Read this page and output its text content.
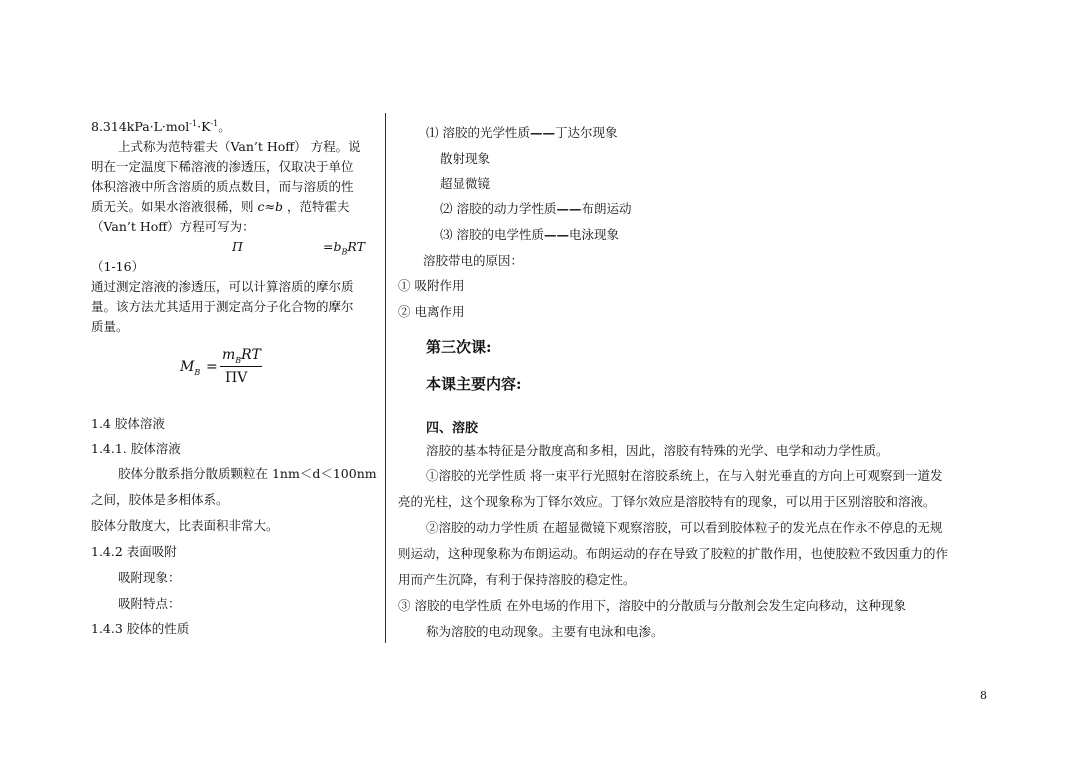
$8.314kPa\cdot L\cdot mol^{-1}\cdot K^{-1}$。
上式称为范特霍夫（Van’t Hoff） 方程。说
明在一定温度下稀溶液的渗透压，仅取决于单位
体积溶液中所含溶质的质点数目，而与溶质的性
质无关。如果水溶液很稀，则 c≈b ，范特霍夫
（Van’t Hoff）方程可写为：
Π	$=b_BRT$
（1-16）
通过测定溶液的渗透压，可以计算溶质的摩尔质
量。该方法尤其适用于测定高分子化合物的摩尔
质量。
$M_B$ =
$m_BRT$
ΠV
1.4 胶体溶液
1.4.1. 胶体溶液
胶体分散系指分散质颗粒在 1nm＜d＜100nm
之间，胶体是多相体系。
胶体分散度大，比表面积非常大。
1.4.2 表面吸附
吸附现象：
吸附特点：
1.4.3 胶体的性质
⑴ 溶胶的光学性质——丁达尔现象
散射现象
超显微镜
⑵ 溶胶的动力学性质——布朗运动
⑶ 溶胶的电学性质——电泳现象
溶胶带电的原因：
① 吸附作用
② 电离作用
第三次课:
本课主要内容:
四、溶胶
溶胶的基本特征是分散度高和多相，因此，溶胶有特殊的光学、电学和动力学性质。
①溶胶的光学性质 将一束平行光照射在溶胶系统上，在与入射光垂直的方向上可观察到一道发
亮的光柱，这个现象称为丁铎尔效应。丁铎尔效应是溶胶特有的现象，可以用于区别溶胶和溶液。
②溶胶的动力学性质 在超显微镜下观察溶胶，可以看到胶体粒子的发光点在作永不停息的无规
则运动，这种现象称为布朗运动。布朗运动的存在导致了胶粒的扩散作用，也使胶粒不致因重力的作
用而产生沉降，有利于保持溶胶的稳定性。
③ 溶胶的电学性质 在外电场的作用下，溶胶中的分散质与分散剂会发生定向移动，这种现象
称为溶胶的电动现象。主要有电泳和电渗。
8
